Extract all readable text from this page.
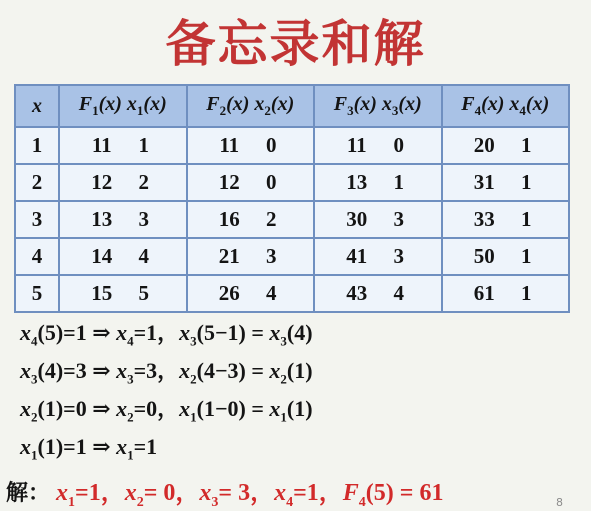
备忘录和解
x	$F_1(x)$ $x_1(x)$	$F_2(x)$ $x_2(x)$	$F_3(x)$ $x_3(x)$	$F_4(x)$ $x_4(x)$
1	11 1	11 0	11 0	20 1

2	12 2	12 0	13 1	31 1

3	13 3	16 2	30 3	33 1

4	14 4	21 3	41 3	50 1

5	15 5	26 4	43 4	61 1
$x_4(5)=1$ ⇒ $x_4=1$，$x_3(5-1) = x_3(4)$
$x_3(4)=3$ ⇒ $x_3=3$，$x_2(4-3) = x_2(1)$
$x_2(1)=0$ ⇒ $x_2=0$，$x_1(1-0) = x_1(1)$
$x_1(1)=1$ ⇒ $x_1=1$
解： $x_1=1$，$x_2= 0$，$x_3= 3$，$x_4=1$，$F_4(5) = 61$	8
